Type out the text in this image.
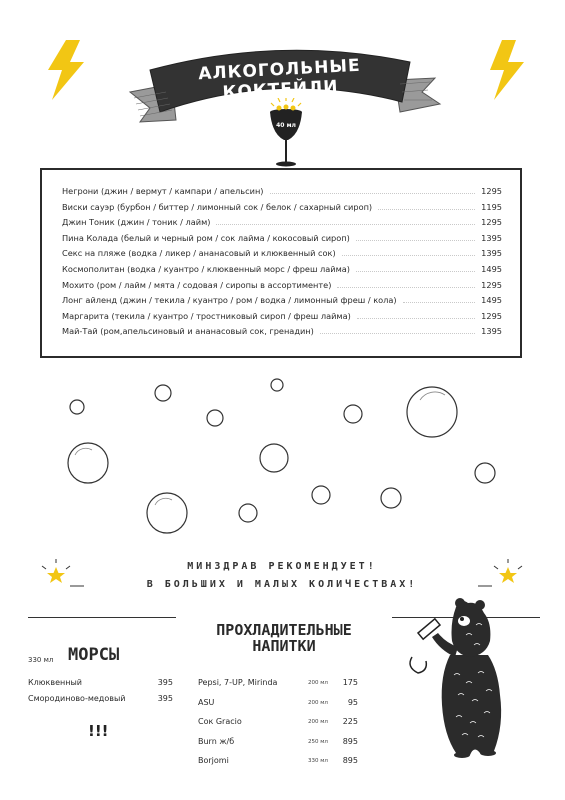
АЛКОГОЛЬНЫЕ КОКТЕЙЛИ
40 мл
Негрони (джин / вермут / кампари / апельсин)	1295
Виски сауэр (бурбон / биттер / лимонный сок / белок / сахарный сироп)	1195
Джин Тоник (джин / тоник / лайм)	1295
Пина Колада (белый и черный ром / сок лайма / кокосовый сироп)	1395
Секс на пляже (водка / ликер / ананасовый и клюквенный сок)	1395
Космополитан (водка / куантро / клюквенный морс / фреш лайма)	1495
Мохито (ром / лайм / мята / содовая / сиропы в ассортименте)	1295
Лонг айленд (джин / текила / куантро / ром / водка / лимонный фреш / кола)	1495
Маргарита (текила / куантро / тростниковый сироп / фреш лайма)	1295
Май-Тай (ром,апельсиновый и ананасовый сок, гренадин)	1395
МИНЗДРАВ РЕКОМЕНДУЕТ!
В БОЛЬШИХ И МАЛЫХ КОЛИЧЕСТВАХ!
330 мл МОРСЫ
Клюквенный	395
Смородиново-медовый	395
!!!
ПРОХЛАДИТЕЛЬНЫЕ
НАПИТКИ
Pepsi, 7-UP, Mirinda	200 мл 175
ASU	200 мл 95
Сок Gracio	200 мл 225
Burn ж/б	250 мл 895
Borjomi	330 мл 895
